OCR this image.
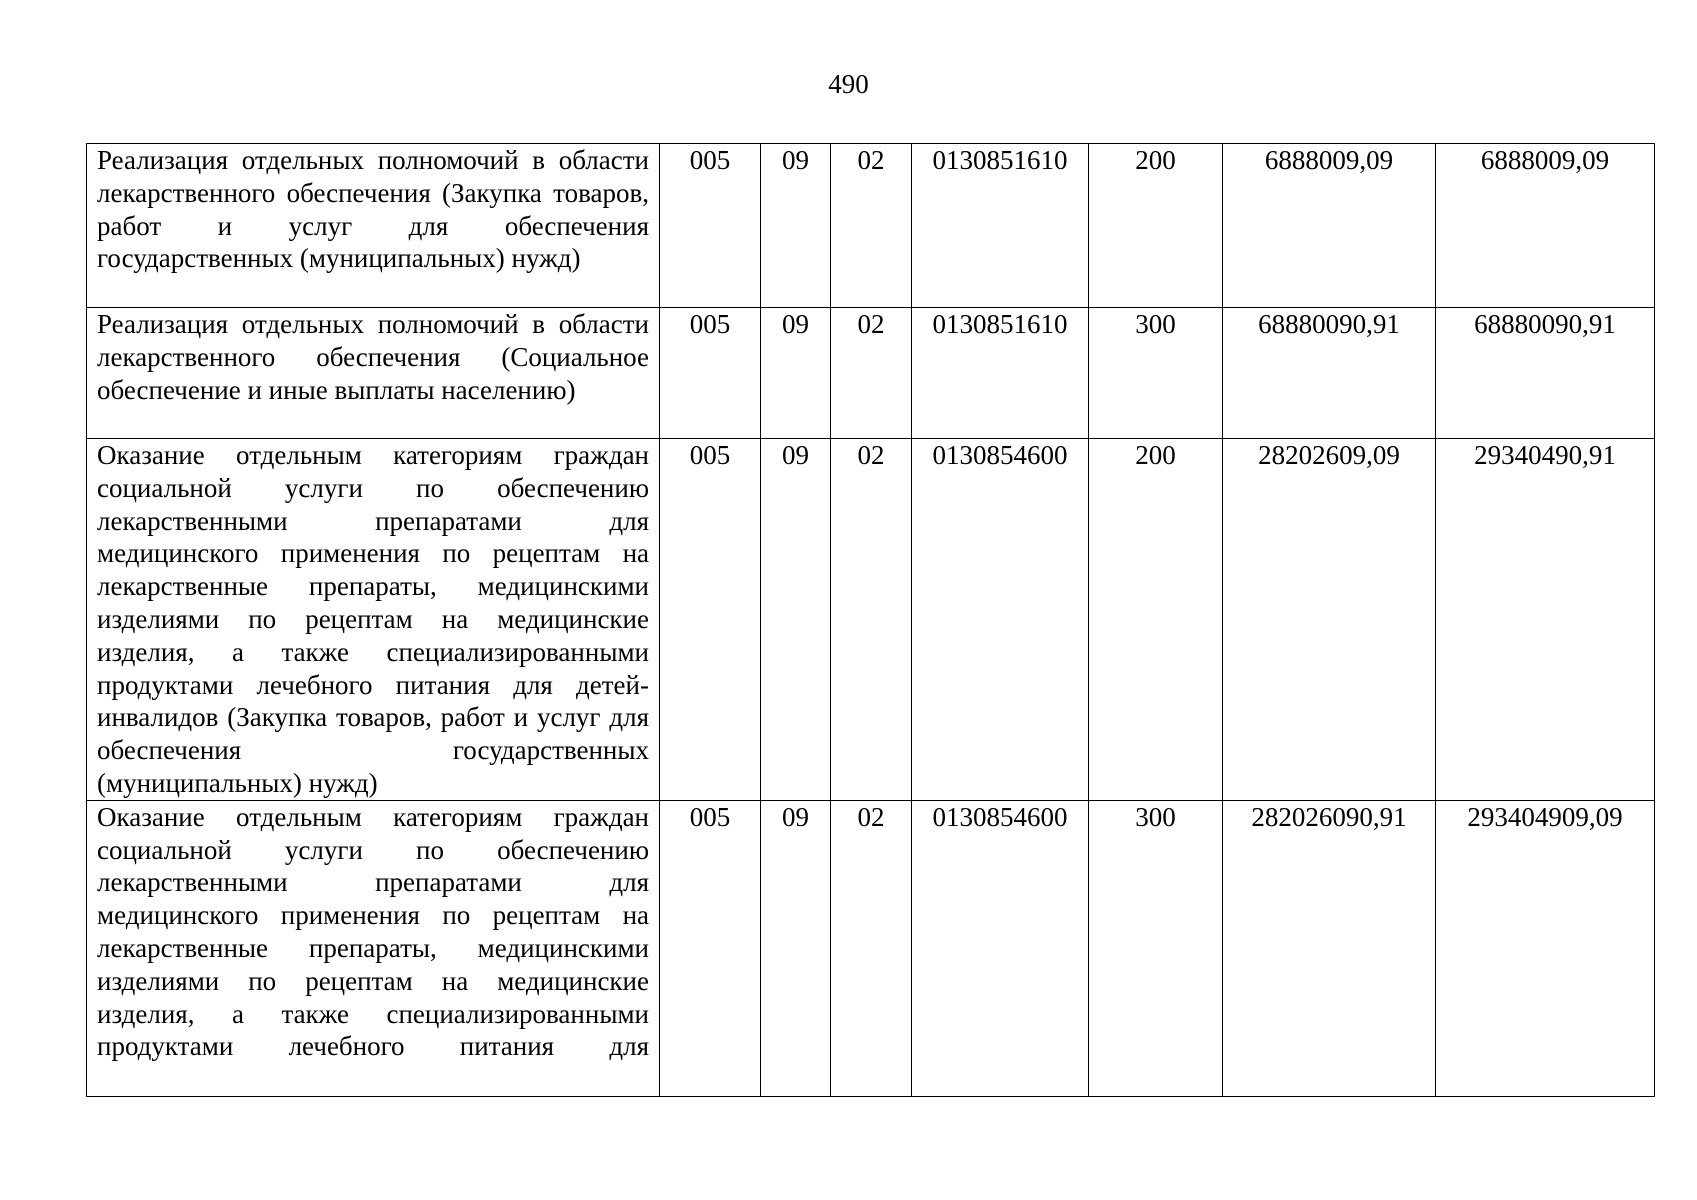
490
Реализация отдельных полномочий в области лекарственного обеспечения (Закупка товаров, работ и услуг для обеспечения государственных (муниципальных) нужд)	005	09	02	0130851610	200	6888009,09	6888009,09
Реализация отдельных полномочий в области лекарственного обеспечения (Социальное обеспечение и иные выплаты населению)	005	09	02	0130851610	300	68880090,91	68880090,91
Оказание отдельным категориям граждан социальной услуги по обеспечению лекарственными препаратами для медицинского применения по рецептам на лекарственные препараты, медицинскими изделиями по рецептам на медицинские изделия, а также специализированными продуктами лечебного питания для детей-инвалидов (Закупка товаров, работ и услуг для обеспечения государственных (муниципальных) нужд)	005	09	02	0130854600	200	28202609,09	29340490,91
Оказание отдельным категориям граждан социальной услуги по обеспечению лекарственными препаратами для медицинского применения по рецептам на лекарственные препараты, медицинскими изделиями по рецептам на медицинские изделия, а также специализированными продуктами лечебного питания для	005	09	02	0130854600	300	282026090,91	293404909,09
